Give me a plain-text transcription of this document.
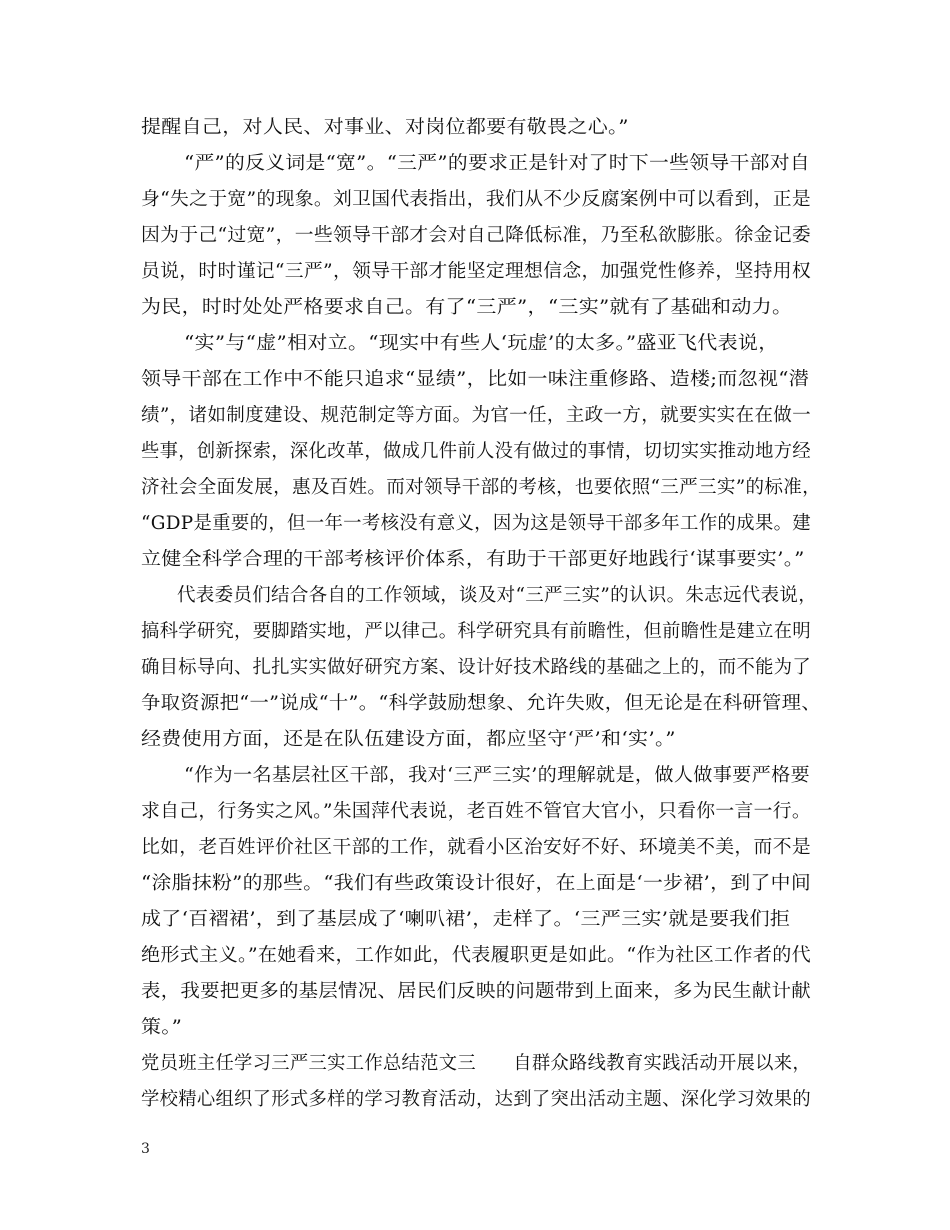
提醒自己，对人民、对事业、对岗位都要有敬畏之心。”
“严”的反义词是“宽”。“三严”的要求正是针对了时下一些领导干部对自
身“失之于宽”的现象。刘卫国代表指出，我们从不少反腐案例中可以看到，正是
因为于己“过宽”，一些领导干部才会对自己降低标准，乃至私欲膨胀。徐金记委
员说，时时谨记“三严”，领导干部才能坚定理想信念，加强党性修养，坚持用权
为民，时时处处严格要求自己。有了“三严”，“三实”就有了基础和动力。
“实”与“虚”相对立。“现实中有些人‘玩虚’的太多。”盛亚飞代表说，
领导干部在工作中不能只追求“显绩”，比如一味注重修路、造楼;而忽视“潜
绩”，诸如制度建设、规范制定等方面。为官一任，主政一方，就要实实在在做一
些事，创新探索，深化改革，做成几件前人没有做过的事情，切切实实推动地方经
济社会全面发展，惠及百姓。而对领导干部的考核，也要依照“三严三实”的标准，
“GDP是重要的，但一年一考核没有意义，因为这是领导干部多年工作的成果。建
立健全科学合理的干部考核评价体系，有助于干部更好地践行‘谋事要实’。”
代表委员们结合各自的工作领域，谈及对“三严三实”的认识。朱志远代表说，
搞科学研究，要脚踏实地，严以律己。科学研究具有前瞻性，但前瞻性是建立在明
确目标导向、扎扎实实做好研究方案、设计好技术路线的基础之上的，而不能为了
争取资源把“一”说成“十”。“科学鼓励想象、允许失败，但无论是在科研管理、
经费使用方面，还是在队伍建设方面，都应坚守‘严’和‘实’。”
“作为一名基层社区干部，我对‘三严三实’的理解就是，做人做事要严格要
求自己，行务实之风。”朱国萍代表说，老百姓不管官大官小，只看你一言一行。
比如，老百姓评价社区干部的工作，就看小区治安好不好、环境美不美，而不是
“涂脂抹粉”的那些。“我们有些政策设计很好，在上面是‘一步裙’，到了中间
成了‘百褶裙’，到了基层成了‘喇叭裙’，走样了。‘三严三实’就是要我们拒
绝形式主义。”在她看来，工作如此，代表履职更是如此。“作为社区工作者的代
表，我要把更多的基层情况、居民们反映的问题带到上面来，多为民生献计献
策。”
党员班主任学习三严三实工作总结范文三　　自群众路线教育实践活动开展以来，
学校精心组织了形式多样的学习教育活动，达到了突出活动主题、深化学习效果的
3
